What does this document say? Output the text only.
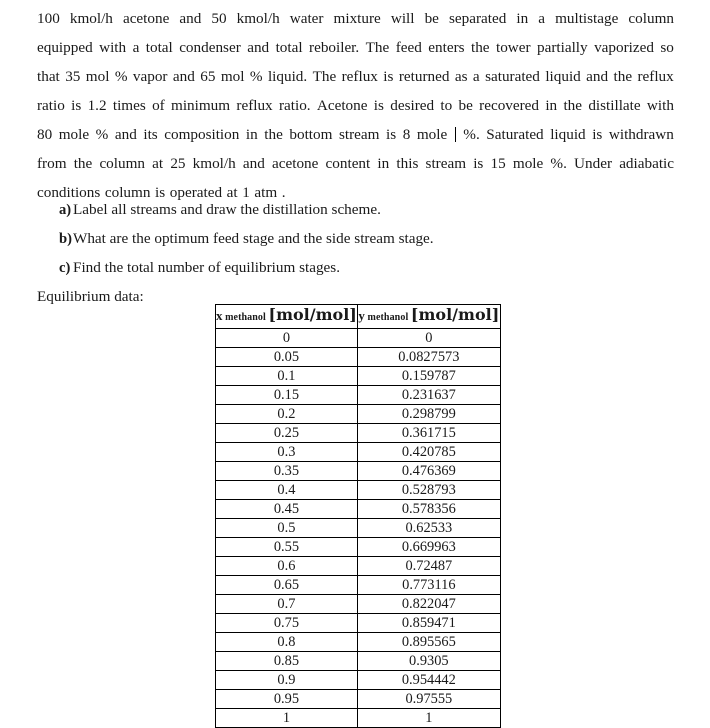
100 kmol/h acetone and 50 kmol/h water mixture will be separated in a multistage column
equipped with a total condenser and total reboiler. The feed enters the tower partially vaporized so
that 35 mol % vapor and 65 mol % liquid. The reflux is returned as a saturated liquid and the reflux
ratio is 1.2 times of minimum reflux ratio. Acetone is desired to be recovered in the distillate with
80 mole % and its composition in the bottom stream is 8 mole %. Saturated liquid is withdrawn
from the column at 25 kmol/h and acetone content in this stream is 15 mole %. Under adiabatic
conditions column is operated at 1 atm .
a) Label all streams and draw the distillation scheme.
b)What are the optimum feed stage and the side stream stage.
c) Find the total number of equilibrium stages.
Equilibrium data:
x methanol [mol/mol]	y methanol [mol/mol]
0	0
0.05	0.0827573
0.1	0.159787
0.15	0.231637
0.2	0.298799
0.25	0.361715
0.3	0.420785
0.35	0.476369
0.4	0.528793
0.45	0.578356
0.5	0.62533
0.55	0.669963
0.6	0.72487
0.65	0.773116
0.7	0.822047
0.75	0.859471
0.8	0.895565
0.85	0.9305
0.9	0.954442
0.95	0.97555
1	1
